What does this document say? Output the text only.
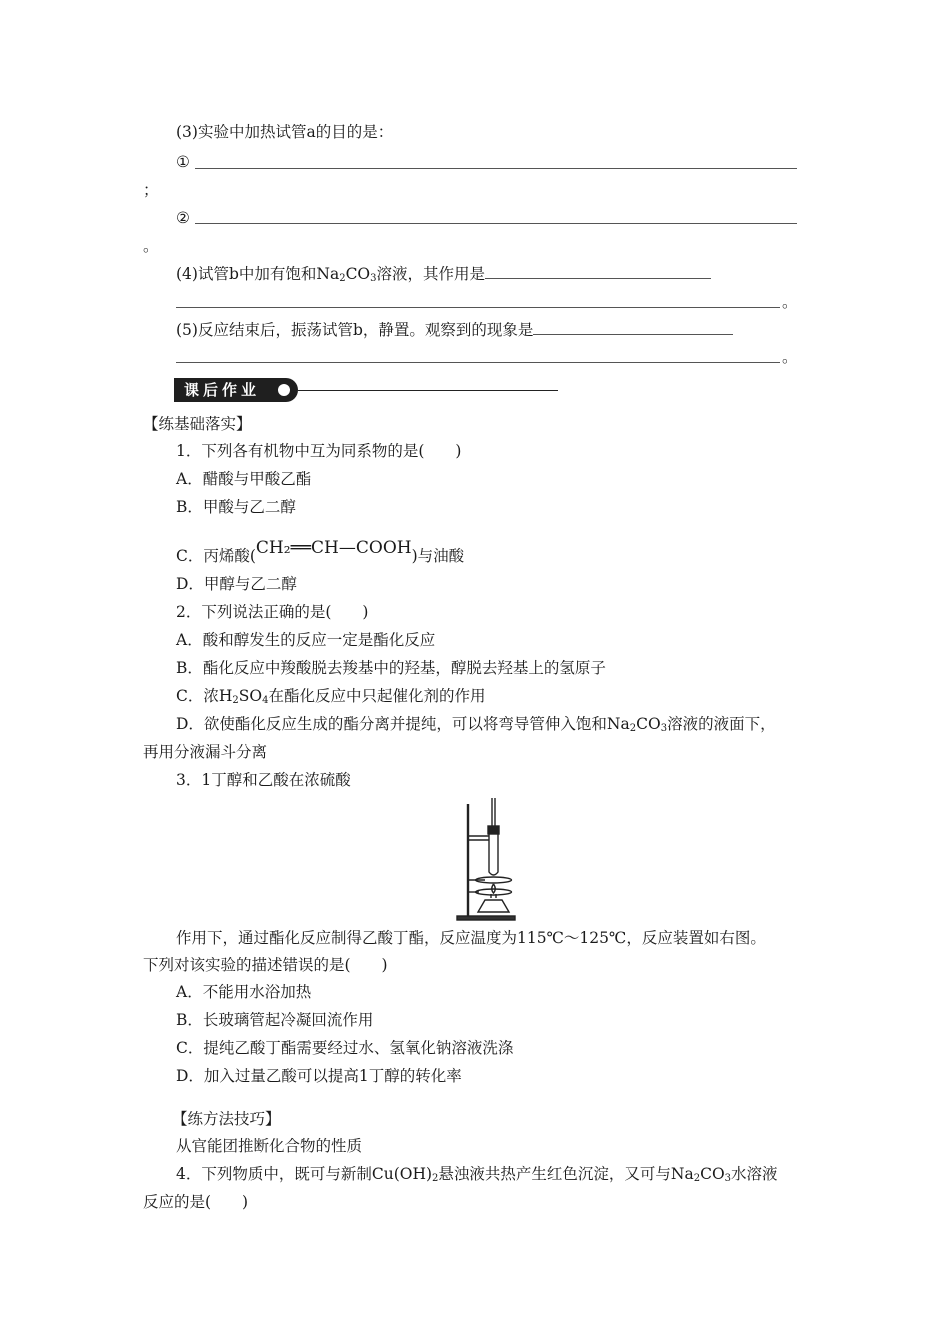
(3)实验中加热试管a的目的是：
①
；
②
。
(4)试管b中加有饱和$Na_2CO_3$溶液，其作用是
。
(5)反应结束后，振荡试管b，静置。观察到的现象是
。
课后作业
【练基础落实】
1．下列各有机物中互为同系物的是(　　)
A．醋酸与甲酸乙酯
B．甲酸与乙二醇
C．丙烯酸(CH₂══CH—COOH)与油酸
D．甲醇与乙二醇
2．下列说法正确的是(　　)
A．酸和醇发生的反应一定是酯化反应
B．酯化反应中羧酸脱去羧基中的羟基，醇脱去羟基上的氢原子
C．浓$H_2SO_4$在酯化反应中只起催化剂的作用
D．欲使酯化反应生成的酯分离并提纯，可以将弯导管伸入饱和$Na_2CO_3$溶液的液面下，
再用分液漏斗分离
3．1丁醇和乙酸在浓硫酸
作用下，通过酯化反应制得乙酸丁酯，反应温度为115℃～125℃，反应装置如右图。
下列对该实验的描述错误的是(　　)
A．不能用水浴加热
B．长玻璃管起冷凝回流作用
C．提纯乙酸丁酯需要经过水、氢氧化钠溶液洗涤
D．加入过量乙酸可以提高1丁醇的转化率
【练方法技巧】
从官能团推断化合物的性质
4．下列物质中，既可与新制$Cu(OH)_2$悬浊液共热产生红色沉淀，又可与$Na_2CO_3$水溶液
反应的是(　　)
